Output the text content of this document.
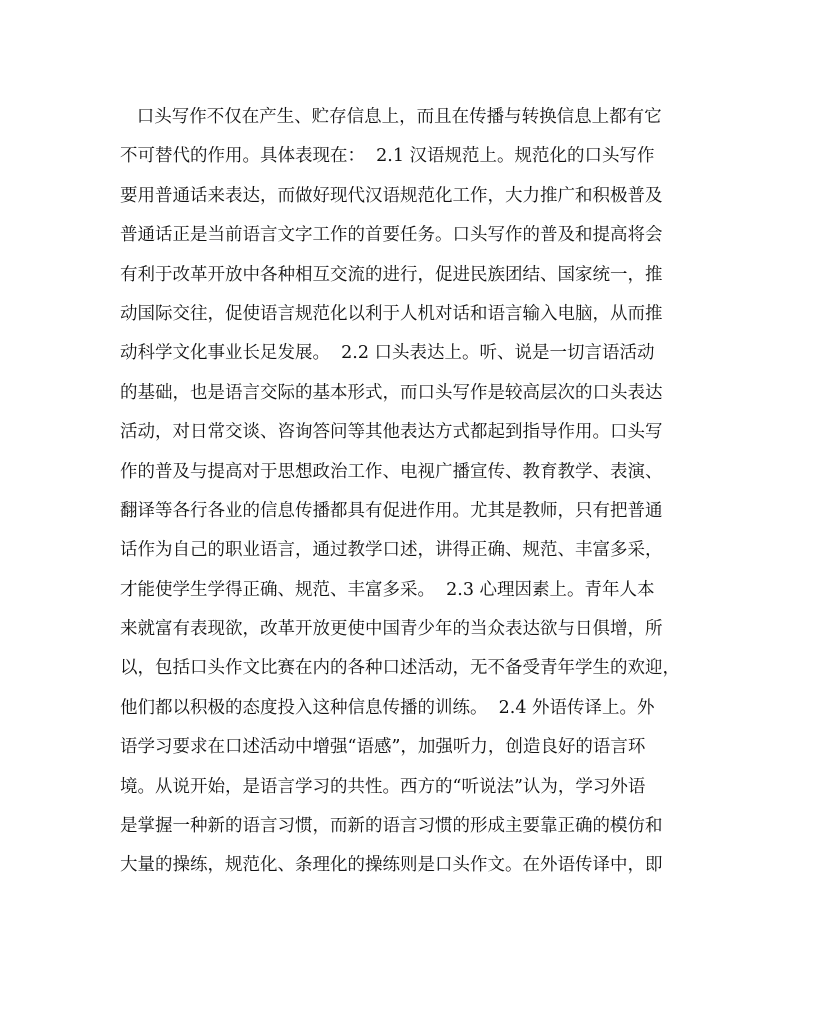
口头写作不仅在产生、贮存信息上，而且在传播与转换信息上都有它

不可替代的作用。具体表现在：  2.1 汉语规范上。规范化的口头写作

要用普通话来表达，而做好现代汉语规范化工作，大力推广和积极普及

普通话正是当前语言文字工作的首要任务。口头写作的普及和提高将会

有利于改革开放中各种相互交流的进行，促进民族团结、国家统一，推

动国际交往，促使语言规范化以利于人机对话和语言输入电脑，从而推

动科学文化事业长足发展。  2.2 口头表达上。听、说是一切言语活动

的基础，也是语言交际的基本形式，而口头写作是较高层次的口头表达

活动，对日常交谈、咨询答问等其他表达方式都起到指导作用。口头写

作的普及与提高对于思想政治工作、电视广播宣传、教育教学、表演、

翻译等各行各业的信息传播都具有促进作用。尤其是教师，只有把普通

话作为自己的职业语言，通过教学口述，讲得正确、规范、丰富多采，

才能使学生学得正确、规范、丰富多采。  2.3 心理因素上。青年人本

来就富有表现欲，改革开放更使中国青少年的当众表达欲与日俱增，所

以，包括口头作文比赛在内的各种口述活动，无不备受青年学生的欢迎，

他们都以积极的态度投入这种信息传播的训练。  2.4 外语传译上。外

语学习要求在口述活动中增强“语感”，加强听力，创造良好的语言环

境。从说开始，是语言学习的共性。西方的“听说法”认为，学习外语

是掌握一种新的语言习惯，而新的语言习惯的形成主要靠正确的模仿和

大量的操练，规范化、条理化的操练则是口头作文。在外语传译中，即
